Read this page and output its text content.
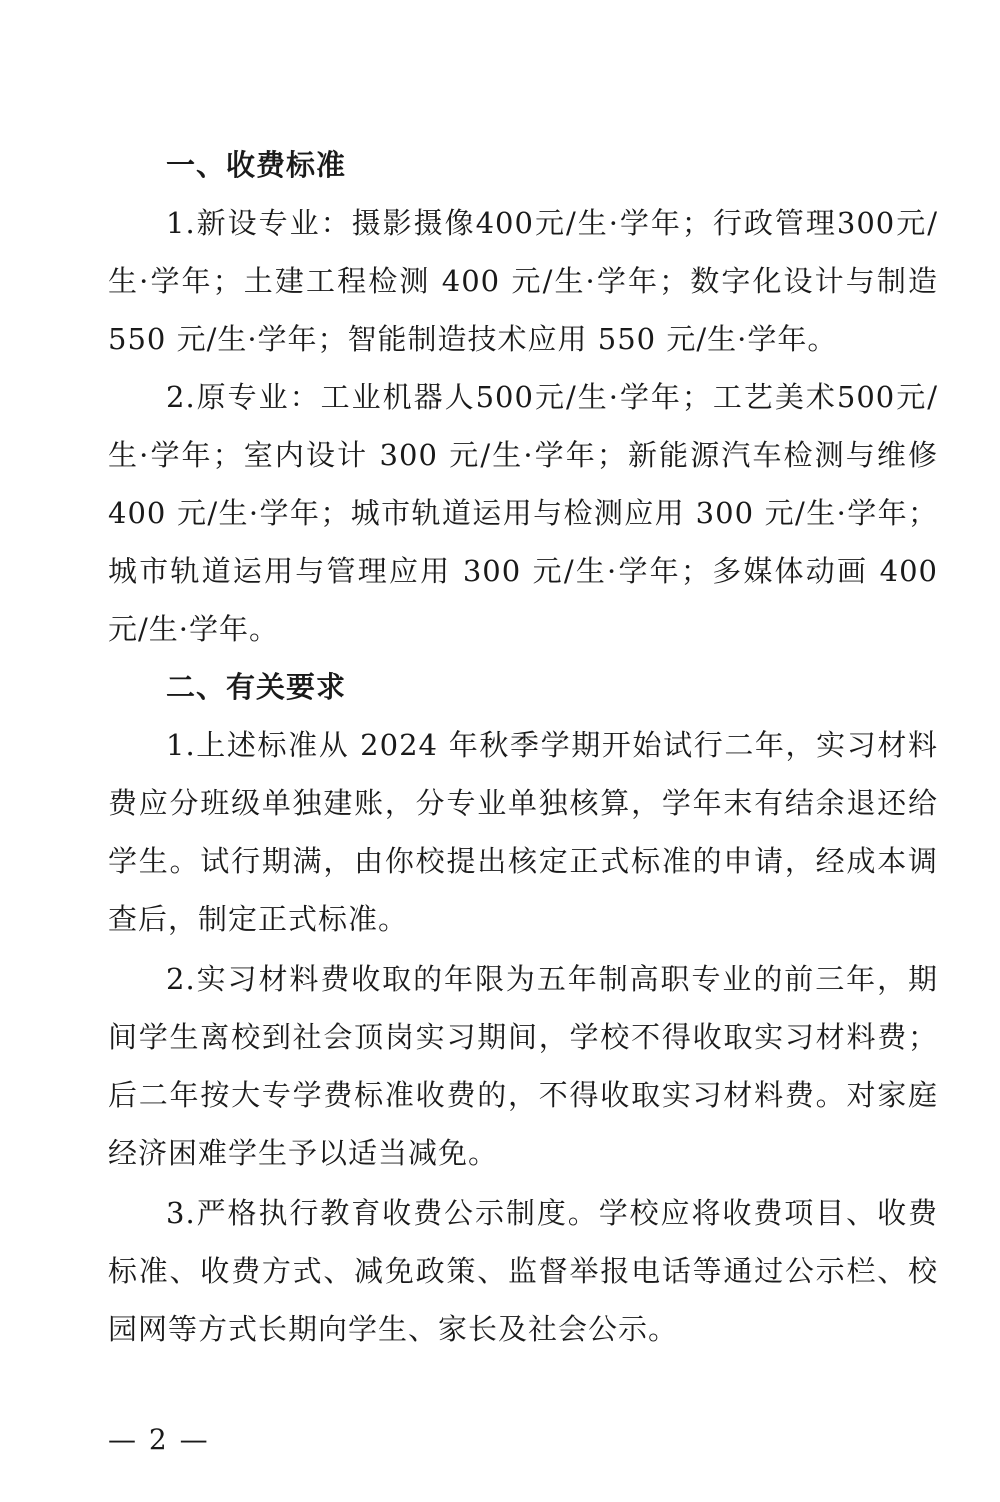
一、收费标准

1.新设专业：摄影摄像400元/生·学年；行政管理300元/生·学年；土建工程检测 400 元/生·学年；数字化设计与制造 550 元/生·学年；智能制造技术应用 550 元/生·学年。

2.原专业：工业机器人500元/生·学年；工艺美术500元/生·学年；室内设计 300 元/生·学年；新能源汽车检测与维修 400 元/生·学年；城市轨道运用与检测应用 300 元/生·学年；城市轨道运用与管理应用 300 元/生·学年；多媒体动画 400 元/生·学年。

二、有关要求

1.上述标准从 2024 年秋季学期开始试行二年，实习材料费应分班级单独建账，分专业单独核算，学年末有结余退还给学生。试行期满，由你校提出核定正式标准的申请，经成本调查后，制定正式标准。

2.实习材料费收取的年限为五年制高职专业的前三年，期间学生离校到社会顶岗实习期间，学校不得收取实习材料费；后二年按大专学费标准收费的，不得收取实习材料费。对家庭经济困难学生予以适当减免。

3.严格执行教育收费公示制度。学校应将收费项目、收费标准、收费方式、减免政策、监督举报电话等通过公示栏、校园网等方式长期向学生、家长及社会公示。

— 2 —
